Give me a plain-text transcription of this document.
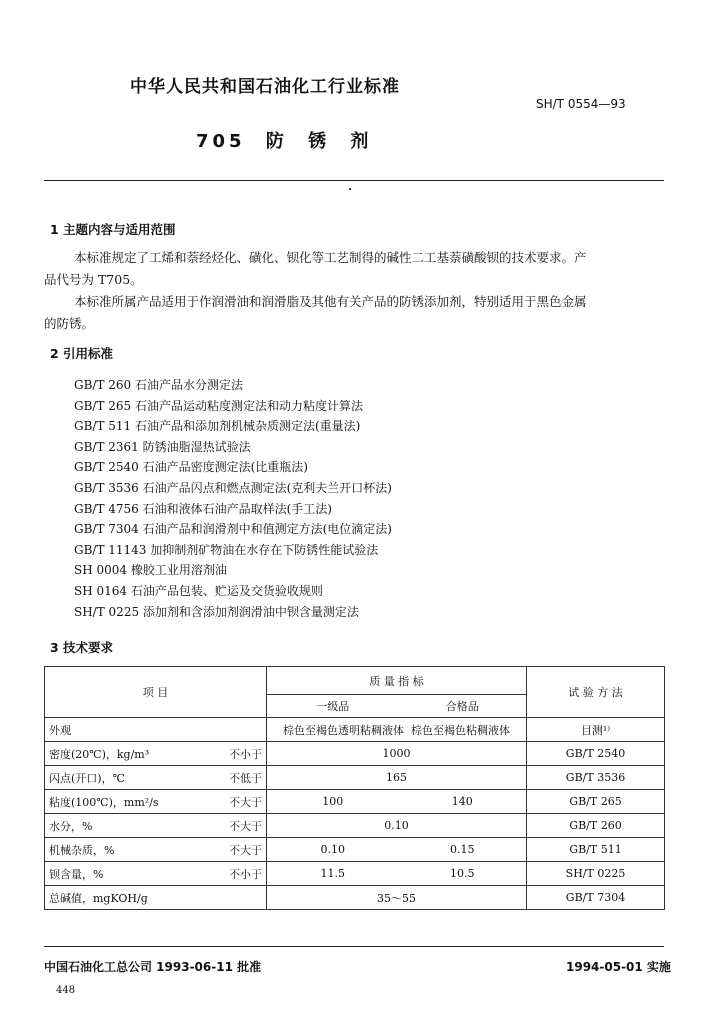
中华人民共和国石油化工行业标准
SH/T 0554—93
705 防 锈 剂
1 主题内容与适用范围
本标准规定了工烯和萘经烃化、磺化、钡化等工艺制得的碱性二工基萘磺酸钡的技术要求。产
品代号为 T705。
本标准所属产品适用于作润滑油和润滑脂及其他有关产品的防锈添加剂，特别适用于黑色金属
的防锈。
2 引用标准
GB/T 260 石油产品水分测定法
GB/T 265 石油产品运动粘度测定法和动力粘度计算法
GB/T 511 石油产品和添加剂机械杂质测定法(重量法)
GB/T 2361 防锈油脂湿热试验法
GB/T 2540 石油产品密度测定法(比重瓶法)
GB/T 3536 石油产品闪点和燃点测定法(克利夫兰开口杯法)
GB/T 4756 石油和液体石油产品取样法(手工法)
GB/T 7304 石油产品和润滑剂中和值测定方法(电位滴定法)
GB/T 11143 加抑制剂矿物油在水存在下防锈性能试验法
SH 0004 橡胶工业用溶剂油
SH 0164 石油产品包装、贮运及交货验收规则
SH/T 0225 添加剂和含添加剂润滑油中钡含量测定法
3 技术要求
项 目		质 量 指 标		试 验 方 法
		一级品	合格品	
外观		棕色至褐色透明粘稠液体 棕色至褐色粘稠液体		目测¹⁾
密度(20℃)，kg/m³	不小于	1000		GB/T 2540
闪点(开口)，℃	不低于	165		GB/T 3536
粘度(100℃)，mm²/s	不大于	100	140	GB/T 265
水分，%	不大于	0.10		GB/T 260
机械杂质，%	不大于	0.10	0.15	GB/T 511
钡含量，%	不小于	11.5	10.5	SH/T 0225
总碱值，mgKOH/g		35～55		GB/T 7304
中国石油化工总公司 1993-06-11 批准	1994-05-01 实施
448
